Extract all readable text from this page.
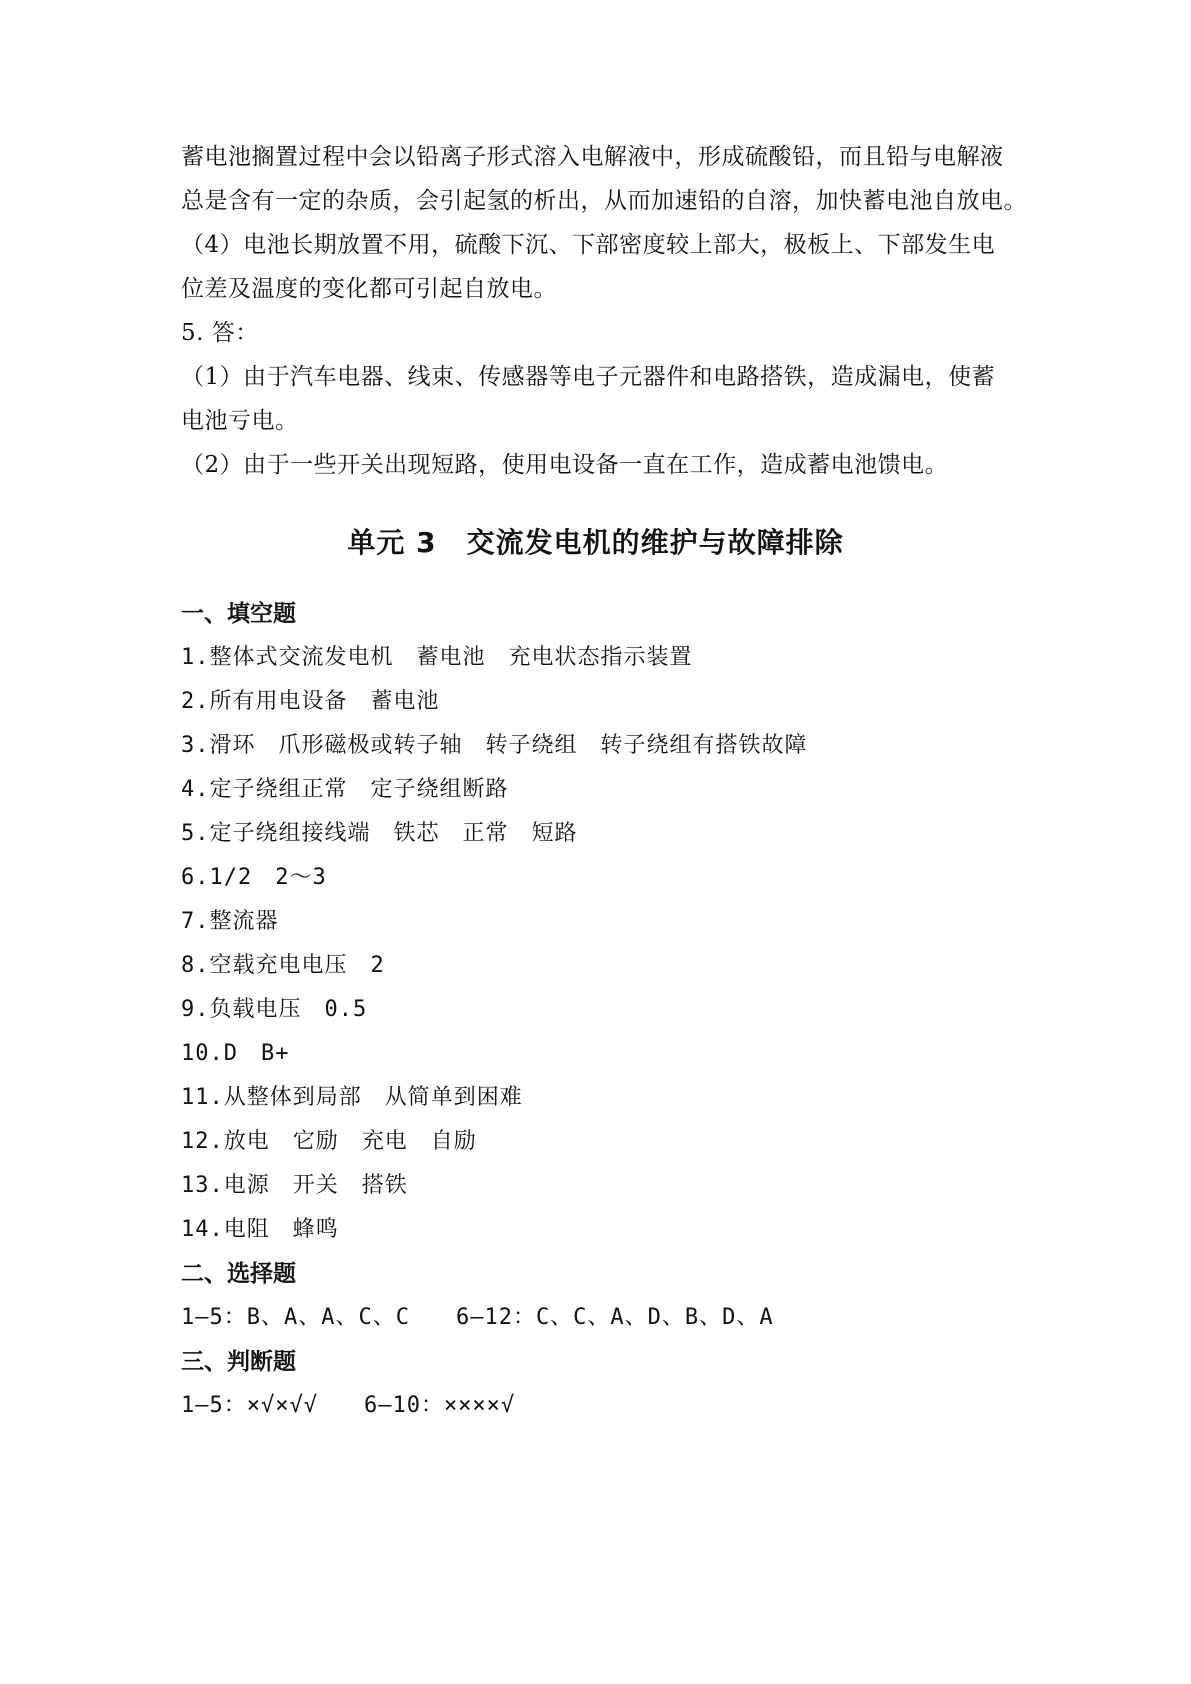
蓄电池搁置过程中会以铅离子形式溶入电解液中，形成硫酸铅，而且铅与电解液
总是含有一定的杂质，会引起氢的析出，从而加速铅的自溶，加快蓄电池自放电。
（4）电池长期放置不用，硫酸下沉、下部密度较上部大，极板上、下部发生电
位差及温度的变化都可引起自放电。
5. 答：
（1）由于汽车电器、线束、传感器等电子元器件和电路搭铁，造成漏电，使蓄
电池亏电。
（2）由于一些开关出现短路，使用电设备一直在工作，造成蓄电池馈电。
单元 3 交流发电机的维护与故障排除
一、填空题
1.整体式交流发电机　蓄电池　充电状态指示装置
2.所有用电设备　蓄电池
3.滑环　爪形磁极或转子轴　转子绕组　转子绕组有搭铁故障
4.定子绕组正常　定子绕组断路
5.定子绕组接线端　铁芯　正常　短路
6.1/2　2～3
7.整流器
8.空载充电电压　2
9.负载电压　0.5
10.D　B+
11.从整体到局部　从简单到困难
12.放电　它励　充电　自励
13.电源　开关　搭铁
14.电阻　蜂鸣
二、选择题
1—5：B、A、A、C、C　　6—12：C、C、A、D、B、D、A
三、判断题
1—5：×√×√√　　6—10：××××√
